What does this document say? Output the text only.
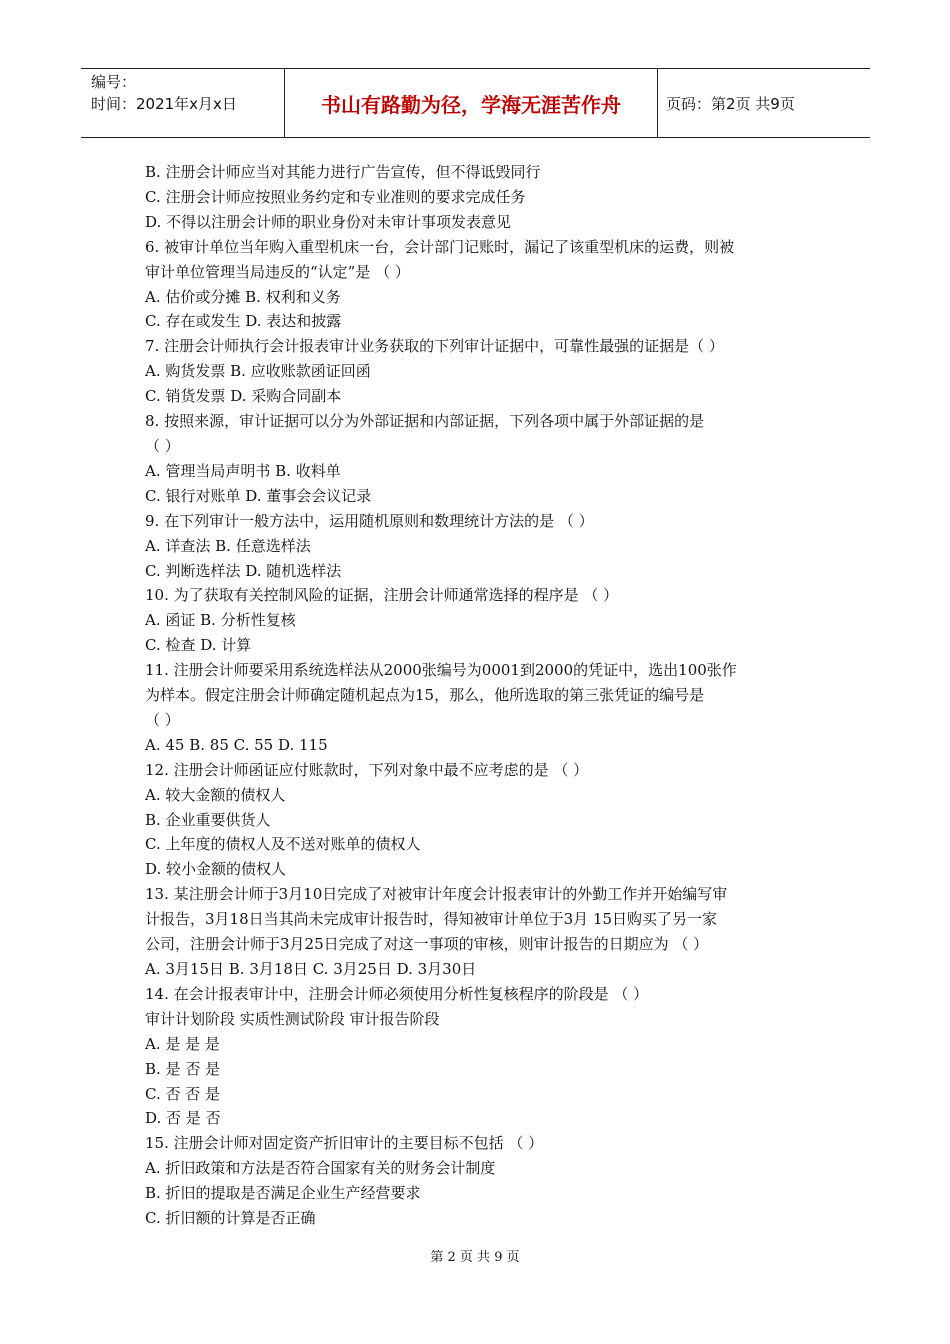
编号：
时间：2021年x月x日	书山有路勤为径，学海无涯苦作舟	页码：第2页 共9页
B. 注册会计师应当对其能力进行广告宣传，但不得诋毁同行
C. 注册会计师应按照业务约定和专业准则的要求完成任务
D. 不得以注册会计师的职业身份对未审计事项发表意见
6. 被审计单位当年购入重型机床一台，会计部门记账时，漏记了该重型机床的运费，则被
审计单位管理当局违反的“认定”是 （ ）
A. 估价或分摊 B. 权利和义务
C. 存在或发生 D. 表达和披露
7. 注册会计师执行会计报表审计业务获取的下列审计证据中，可靠性最强的证据是（ ）
A. 购货发票 B. 应收账款函证回函
C. 销货发票 D. 采购合同副本
8. 按照来源，审计证据可以分为外部证据和内部证据，下列各项中属于外部证据的是
（ ）
A. 管理当局声明书 B. 收料单
C. 银行对账单 D. 董事会会议记录
9. 在下列审计一般方法中，运用随机原则和数理统计方法的是 （ ）
A. 详查法 B. 任意选样法
C. 判断选样法 D. 随机选样法
10. 为了获取有关控制风险的证据，注册会计师通常选择的程序是 （ ）
A. 函证 B. 分析性复核
C. 检查 D. 计算
11. 注册会计师要采用系统选样法从2000张编号为0001到2000的凭证中，选出100张作
为样本。假定注册会计师确定随机起点为15，那么，他所选取的第三张凭证的编号是
（ ）
A. 45 B. 85 C. 55 D. 115
12. 注册会计师函证应付账款时，下列对象中最不应考虑的是 （ ）
A. 较大金额的债权人
B. 企业重要供货人
C. 上年度的债权人及不送对账单的债权人
D. 较小金额的债权人
13. 某注册会计师于3月10日完成了对被审计年度会计报表审计的外勤工作并开始编写审
计报告，3月18日当其尚未完成审计报告时，得知被审计单位于3月 15日购买了另一家
公司，注册会计师于3月25日完成了对这一事项的审核，则审计报告的日期应为 （ ）
A. 3月15日 B. 3月18日 C. 3月25日 D. 3月30日
14. 在会计报表审计中，注册会计师必须使用分析性复核程序的阶段是 （ ）
审计计划阶段 实质性测试阶段 审计报告阶段
A. 是 是 是
B. 是 否 是
C. 否 否 是
D. 否 是 否
15. 注册会计师对固定资产折旧审计的主要目标不包括 （ ）
A. 折旧政策和方法是否符合国家有关的财务会计制度
B. 折旧的提取是否满足企业生产经营要求
C. 折旧额的计算是否正确
第 2 页 共 9 页
